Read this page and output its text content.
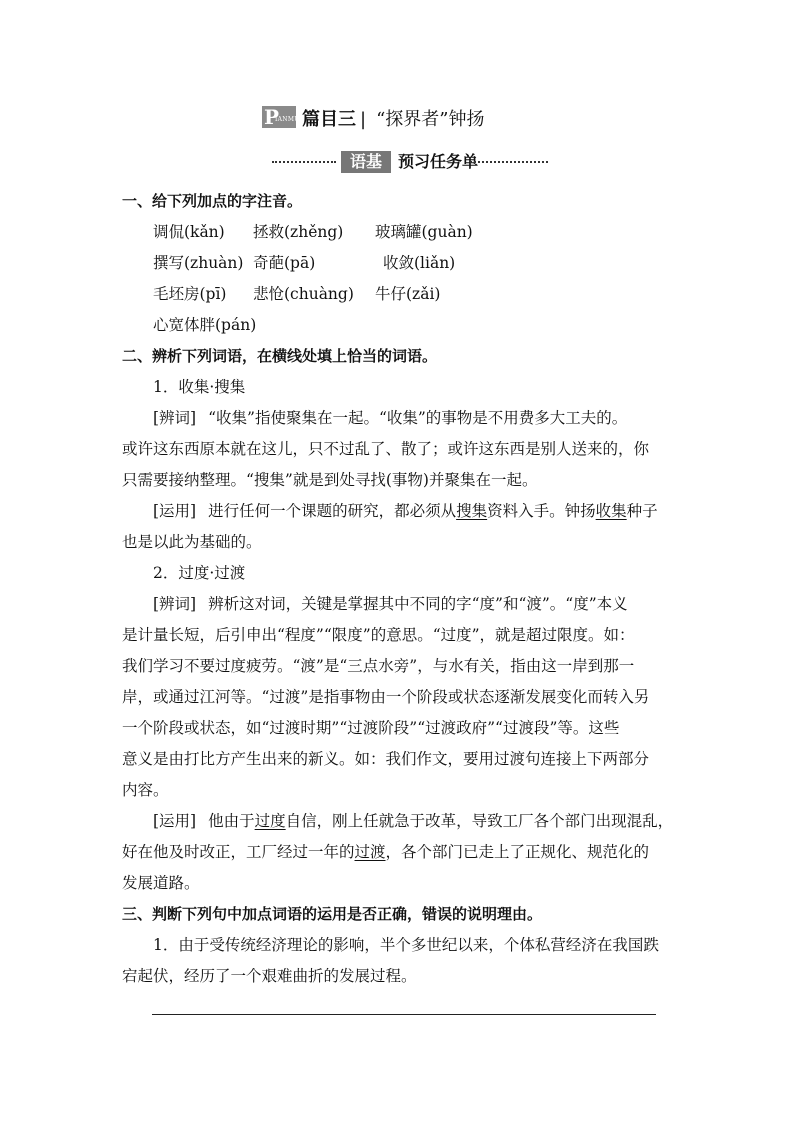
P
IANMU 篇目三 | “探界者”钟扬
语基	预习任务单
一、给下列加点的字注音。
调侃(kǎn)	拯救(zhěng)	玻璃罐(guàn)
撰写(zhuàn) 奇葩(pā)	收敛(liǎn)
毛坯房(pī)	悲怆(chuàng)	牛仔(zǎi)
心宽体胖(pán)
二、辨析下列词语，在横线处填上恰当的词语。
1．收集·搜集
[辨词] “收集”指使聚集在一起。“收集”的事物是不用费多大工夫的。
或许这东西原本就在这儿，只不过乱了、散了；或许这东西是别人送来的，你
只需要接纳整理。“搜集”就是到处寻找(事物)并聚集在一起。
[运用] 进行任何一个课题的研究，都必须从搜集资料入手。钟扬收集种子
也是以此为基础的。
2．过度·过渡
[辨词] 辨析这对词，关键是掌握其中不同的字“度”和“渡”。“度”本义
是计量长短，后引申出“程度”“限度”的意思。“过度”，就是超过限度。如：
我们学习不要过度疲劳。“渡”是“三点水旁”，与水有关，指由这一岸到那一
岸，或通过江河等。“过渡”是指事物由一个阶段或状态逐渐发展变化而转入另
一个阶段或状态，如“过渡时期”“过渡阶段”“过渡政府”“过渡段”等。这些
意义是由打比方产生出来的新义。如：我们作文，要用过渡句连接上下两部分
内容。
[运用] 他由于过度自信，刚上任就急于改革，导致工厂各个部门出现混乱，
好在他及时改正，工厂经过一年的过渡，各个部门已走上了正规化、规范化的
发展道路。
三、判断下列句中加点词语的运用是否正确，错误的说明理由。
1．由于受传统经济理论的影响，半个多世纪以来，个体私营经济在我国跌
宕起伏，经历了一个艰难曲折的发展过程。
